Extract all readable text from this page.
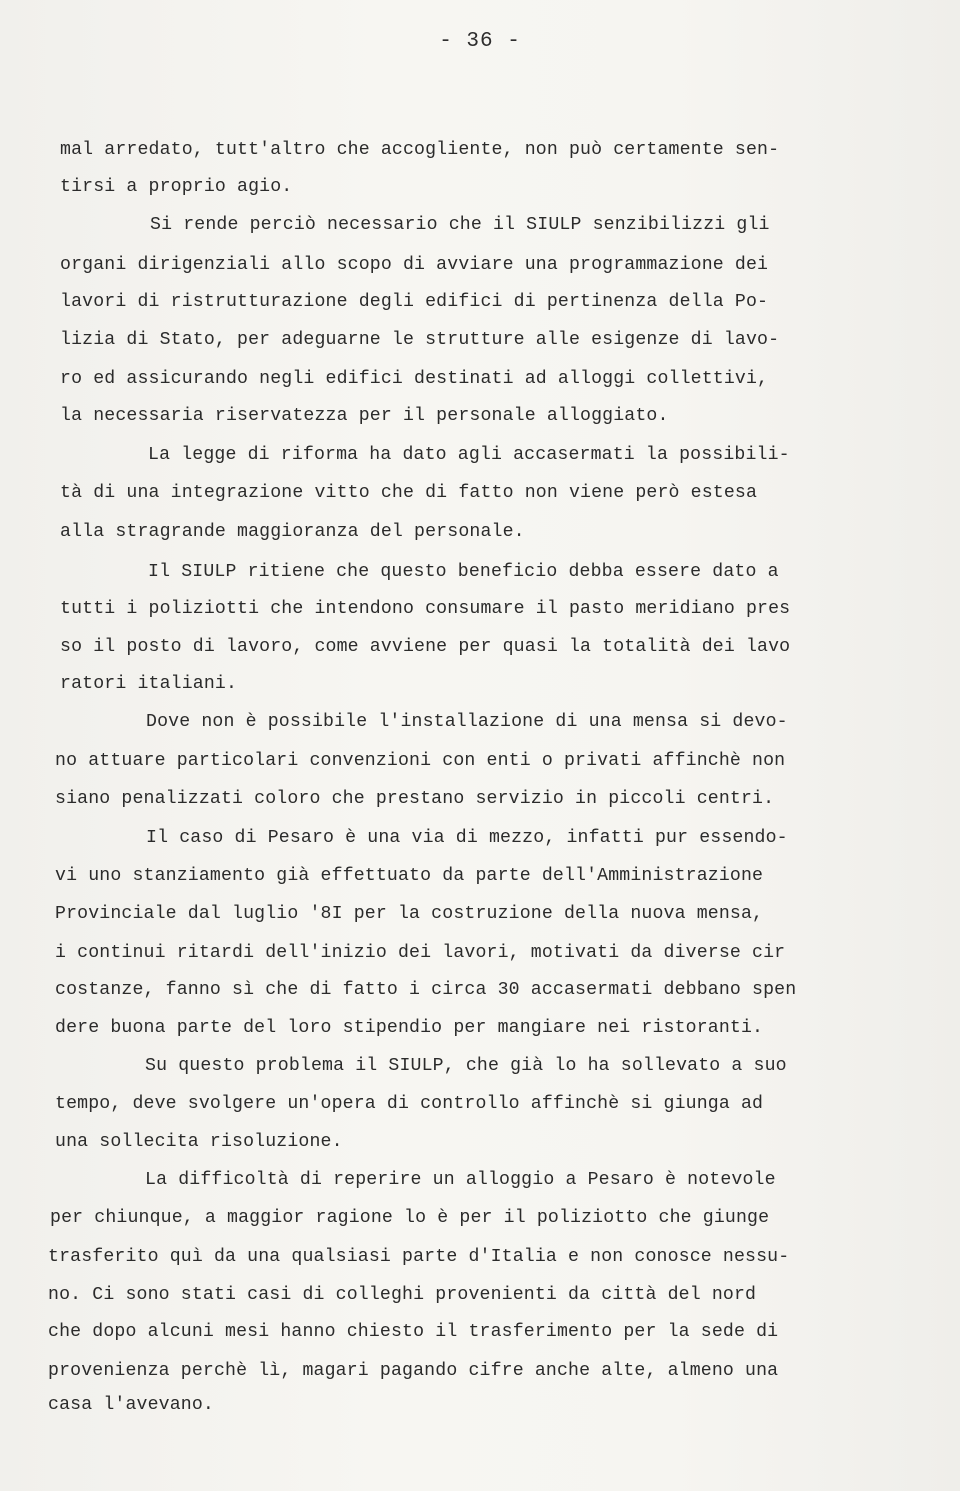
- 36 -
mal arredato, tutt'altro che accogliente, non può certamente sen-
tirsi a proprio agio.
Si rende perciò necessario che il SIULP senzibilizzi gli
organi dirigenziali allo scopo di avviare una programmazione dei
lavori di ristrutturazione degli edifici di pertinenza della Po-
lizia di Stato, per adeguarne le strutture alle esigenze di lavo-
ro ed assicurando negli edifici destinati ad alloggi collettivi,
la necessaria riservatezza per il personale alloggiato.
La legge di riforma ha dato agli accasermati la possibili-
tà di una integrazione vitto che di fatto non viene però estesa
alla stragrande maggioranza del personale.
Il SIULP ritiene che questo beneficio debba essere dato a
tutti i poliziotti che intendono consumare il pasto meridiano pres
so il posto di lavoro, come avviene per quasi la totalità dei lavo
ratori italiani.
Dove non è possibile l'installazione di una mensa si devo-
no attuare particolari convenzioni con enti o privati affinchè non
siano penalizzati coloro che prestano servizio in piccoli centri.
Il caso di Pesaro è una via di mezzo, infatti pur essendo-
vi uno stanziamento già effettuato da parte dell'Amministrazione
Provinciale dal luglio '8I per la costruzione della nuova mensa,
i continui ritardi dell'inizio dei lavori, motivati da diverse cir
costanze, fanno sì che di fatto i circa 30 accasermati debbano spen
dere buona parte del loro stipendio per mangiare nei ristoranti.
Su questo problema il SIULP, che già lo ha sollevato a suo
tempo, deve svolgere un'opera di controllo affinchè si giunga ad
una sollecita risoluzione.
La difficoltà di reperire un alloggio a Pesaro è notevole
per chiunque, a maggior ragione lo è per il poliziotto che giunge
trasferito quì da una qualsiasi parte d'Italia e non conosce nessu-
no. Ci sono stati casi di colleghi provenienti da città del nord
che dopo alcuni mesi hanno chiesto il trasferimento per la sede di
provenienza perchè lì, magari pagando cifre anche alte, almeno una
casa l'avevano.
